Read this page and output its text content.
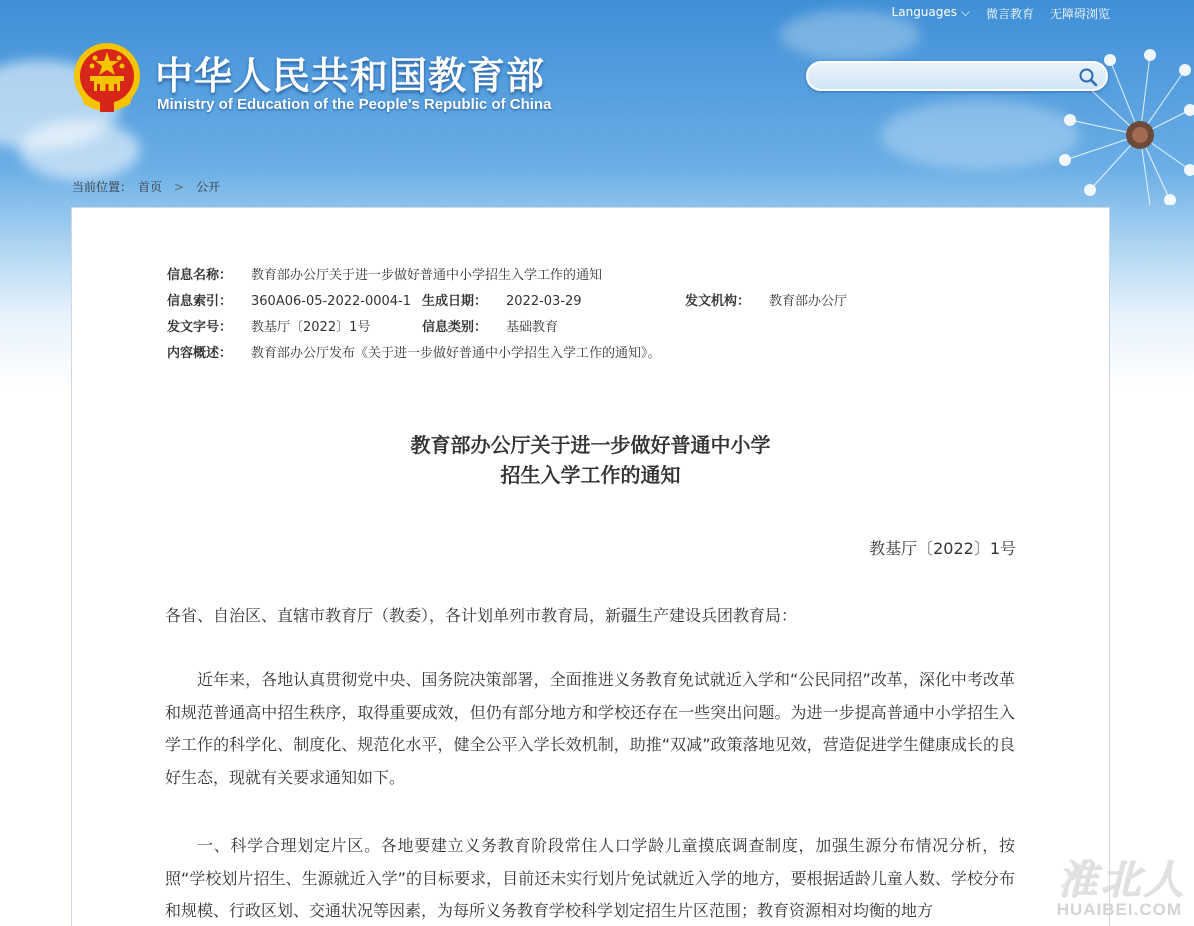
Languages ⌵ 微言教育 无障碍浏览
中华人民共和国教育部
Ministry of Education of the People's Republic of China
当前位置： 首页 > 公开
信息名称： 教育部办公厅关于进一步做好普通中小学招生入学工作的通知
信息索引： 360A06-05-2022-0004-1 生成日期： 2022-03-29	发文机构： 教育部办公厅
发文字号： 教基厅〔2022〕1号	信息类别： 基础教育
内容概述： 教育部办公厅发布《关于进一步做好普通中小学招生入学工作的通知》。
教育部办公厅关于进一步做好普通中小学
招生入学工作的通知
教基厅〔2022〕1号
各省、自治区、直辖市教育厅（教委），各计划单列市教育局，新疆生产建设兵团教育局：

近年来，各地认真贯彻党中央、国务院决策部署，全面推进义务教育免试就近入学和“公民同招”改革，深化中考改革和规范普通高中招生秩序，取得重要成效，但仍有部分地方和学校还存在一些突出问题。为进一步提高普通中小学招生入学工作的科学化、制度化、规范化水平，健全公平入学长效机制，助推“双减”政策落地见效，营造促进学生健康成长的良好生态，现就有关要求通知如下。

一、科学合理划定片区。各地要建立义务教育阶段常住人口学龄儿童摸底调查制度，加强生源分布情况分析，按照“学校划片招生、生源就近入学”的目标要求，目前还未实行划片免试就近入学的地方，要根据适龄儿童人数、学校分布和规模、行政区划、交通状况等因素，为每所义务教育学校科学划定招生片区范围；教育资源相对均衡的地方

淮北人
HUAIBEI.COM
